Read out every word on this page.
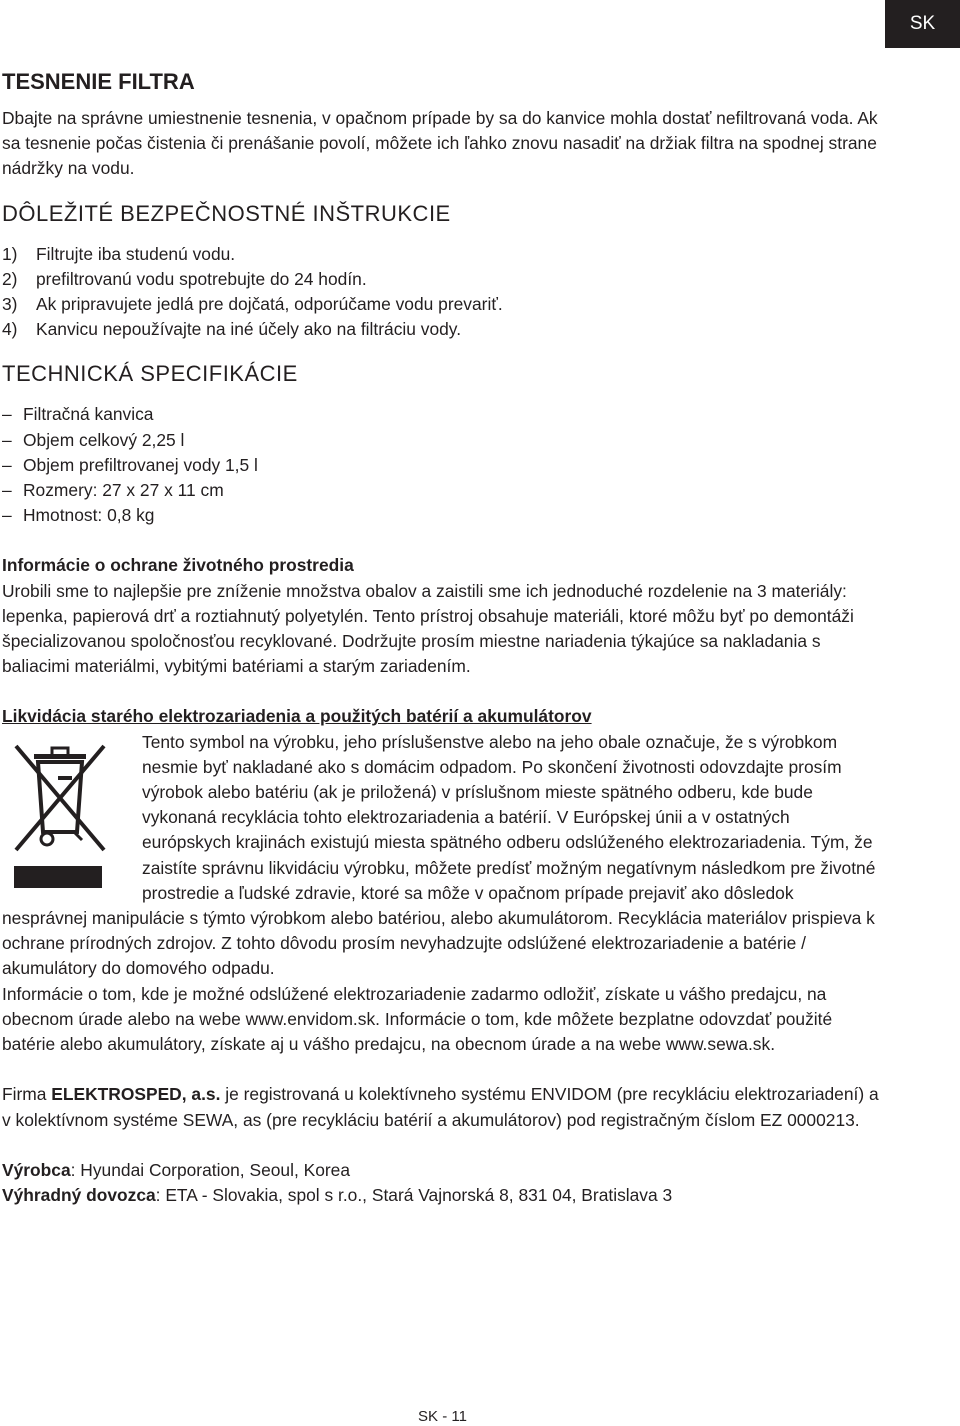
SK
TESNENIE FILTRA

Dbajte na správne umiestnenie tesnenia, v opačnom prípade by sa do kanvice mohla dostať nefiltrovaná voda. Ak sa tesnenie počas čistenia či prenášanie povolí, môžete ich ľahko znovu nasadiť na držiak filtra na spodnej strane nádržky na vodu.

DÔLEŽITÉ BEZPEČNOSTNÉ INŠTRUKCIE
1) Filtrujte iba studenú vodu.
2) prefiltrovanú vodu spotrebujte do 24 hodín.
3) Ak pripravujete jedlá pre dojčatá, odporúčame vodu prevariť.
4) Kanvicu nepoužívajte na iné účely ako na filtráciu vody.
TECHNICKÁ SPECIFIKÁCIE
– Filtračná kanvica
– Objem celkový 2,25 l
– Objem prefiltrovanej vody 1,5 l
– Rozmery: 27 x 27 x 11 cm
– Hmotnost: 0,8 kg

Informácie o ochrane životného prostredia

Urobili sme to najlepšie pre zníženie množstva obalov a zaistili sme ich jednoduché rozdelenie na 3 materiály: lepenka, papierová drť a roztiahnutý polyetylén. Tento prístroj obsahuje materiáli, ktoré môžu byť po demontáži špecializovanou spoločnosťou recyklované. Dodržujte prosím miestne nariadenia týkajúce sa nakladania s baliacimi materiálmi, vybitými batériami a starým zariadením.

Likvidácia starého elektrozariadenia a použitých batérií a akumulátorov

Tento symbol na výrobku, jeho príslušenstve alebo na jeho obale označuje, že s výrobkom nesmie byť nakladané ako s domácim odpadom. Po skončení životnosti odovzdajte prosím výrobok alebo batériu (ak je priložená) v príslušnom mieste spätného odberu, kde bude vykonaná recyklácia tohto elektrozariadenia a batérií. V Európskej únii a v ostatných európskych krajinách existujú miesta spätného odberu odslúženého elektrozariadenia. Tým, že zaistíte správnu likvidáciu výrobku, môžete predísť možným negatívnym následkom pre životné prostredie a ľudské zdravie, ktoré sa môže v opačnom prípade prejaviť ako dôsledok nesprávnej manipulácie s týmto výrobkom alebo batériou, alebo akumulátorom. Recyklácia materiálov prispieva k ochrane prírodných zdrojov. Z tohto dôvodu prosím nevyhadzujte odslúžené elektrozariadenie a batérie / akumulátory do domového odpadu.

Informácie o tom, kde je možné odslúžené elektrozariadenie zadarmo odložiť, získate u vášho predajcu, na obecnom úrade alebo na webe www.envidom.sk. Informácie o tom, kde môžete bezplatne odovzdať použité batérie alebo akumulátory, získate aj u vášho predajcu, na obecnom úrade a na webe www.sewa.sk.

Firma ELEKTROSPED, a.s. je registrovaná u kolektívneho systému ENVIDOM (pre recykláciu elektrozariadení) a v kolektívnom systéme SEWA, as (pre recykláciu batérií a akumulátorov) pod registračným číslom EZ 0000213.

Výrobca: Hyundai Corporation, Seoul, Korea

Výhradný dovozca: ETA - Slovakia, spol s r.o., Stará Vajnorská 8, 831 04, Bratislava 3

SK - 11
